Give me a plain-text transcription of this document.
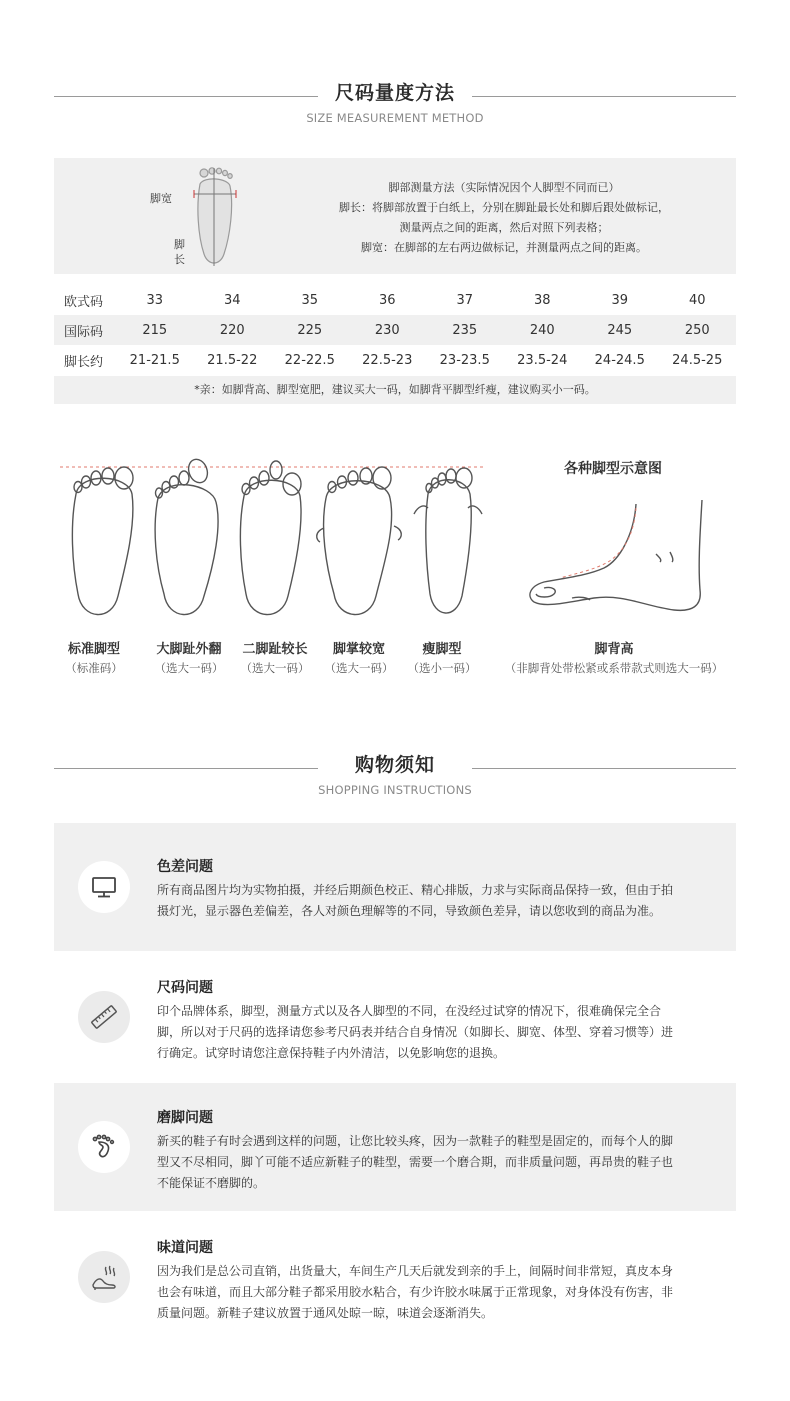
尺码量度方法
SIZE MEASUREMENT METHOD
脚宽
脚
长
脚部测量方法（实际情况因个人脚型不同而已）
脚长：将脚部放置于白纸上，分别在脚趾最长处和脚后跟处做标记，
测量两点之间的距离，然后对照下列表格；
脚宽：在脚部的左右两边做标记，并测量两点之间的距离。
欧式码	33	34	35	36	37	38	39	40
国际码	215	220	225	230	235	240	245	250
脚长约	21-21.5	21.5-22	22-22.5	22.5-23	23-23.5	23.5-24	24-24.5	24.5-25
*亲：如脚背高、脚型宽肥，建议买大一码，如脚背平脚型纤瘦，建议购买小一码。
各种脚型示意图
标准脚型
（标准码）
大脚趾外翻
（选大一码）
二脚趾较长
（选大一码）
脚掌较宽
（选大一码）
瘦脚型
（选小一码）
脚背高
（非脚背处带松紧或系带款式则选大一码）
购物须知
SHOPPING INSTRUCTIONS
色差问题
所有商品图片均为实物拍摄，并经后期颜色校正、精心排版，力求与实际商品保持一致，但由于拍
摄灯光，显示器色差偏差，各人对颜色理解等的不同，导致颜色差异，请以您收到的商品为准。
尺码问题
印个品牌体系，脚型，测量方式以及各人脚型的不同，在没经过试穿的情况下，很难确保完全合
脚，所以对于尺码的选择请您参考尺码表并结合自身情况（如脚长、脚宽、体型、穿着习惯等）进
行确定。试穿时请您注意保持鞋子内外清洁，以免影响您的退换。
磨脚问题
新买的鞋子有时会遇到这样的问题，让您比较头疼，因为一款鞋子的鞋型是固定的，而每个人的脚
型又不尽相同，脚丫可能不适应新鞋子的鞋型，需要一个磨合期，而非质量问题，再昂贵的鞋子也
不能保证不磨脚的。
味道问题
因为我们是总公司直销，出货量大，车间生产几天后就发到亲的手上，间隔时间非常短，真皮本身
也会有味道，而且大部分鞋子都采用胶水粘合，有少许胶水味属于正常现象，对身体没有伤害，非
质量问题。新鞋子建议放置于通风处晾一晾，味道会逐渐消失。
